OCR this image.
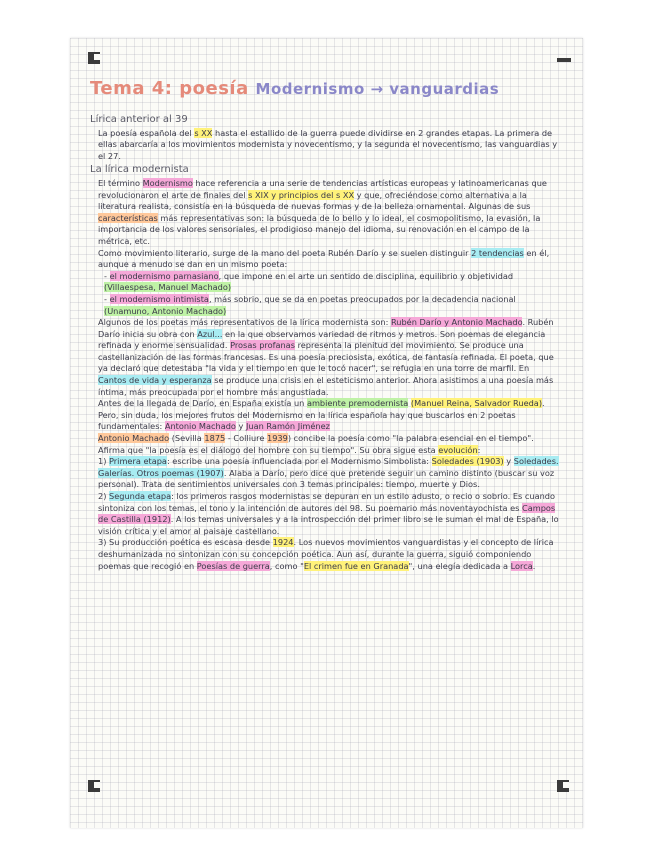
Tema 4: poesía Modernismo → vanguardias

Lírica anterior al 39

La poesía española del s XX hasta el estallido de la guerra puede dividirse en 2 grandes etapas. La primera de ellas abarcaría a los movimientos modernista y novecentismo, y la segunda el novecentismo, las vanguardias y el 27.

La lírica modernista

El término Modernismo hace referencia a una serie de tendencias artísticas europeas y latinoamericanas que revolucionaron el arte de finales del s XIX y principios del s XX y que, ofreciéndose como alternativa a la literatura realista, consistía en la búsqueda de nuevas formas y de la belleza ornamental. Algunas de sus características más representativas son: la búsqueda de lo bello y lo ideal, el cosmopolitismo, la evasión, la importancia de los valores sensoriales, el prodigioso manejo del idioma, su renovación en el campo de la métrica, etc.

Como movimiento literario, surge de la mano del poeta Rubén Darío y se suelen distinguir 2 tendencias en él, aunque a menudo se dan en un mismo poeta:

- el modernismo parnasiano, que impone en el arte un sentido de disciplina, equilibrio y objetividad (Villaespesa, Manuel Machado)

- el modernismo intimista, más sobrio, que se da en poetas preocupados por la decadencia nacional (Unamuno, Antonio Machado)

Algunos de los poetas más representativos de la lírica modernista son: Rubén Darío y Antonio Machado. Rubén Darío inicia su obra con Azul... en la que observamos variedad de ritmos y metros. Son poemas de elegancia refinada y enorme sensualidad. Prosas profanas representa la plenitud del movimiento. Se produce una castellanización de las formas francesas. Es una poesía preciosista, exótica, de fantasía refinada. El poeta, que ya declaró que detestaba "la vida y el tiempo en que le tocó nacer", se refugia en una torre de marfil. En Cantos de vida y esperanza se produce una crisis en el esteticismo anterior. Ahora asistimos a una poesía más íntima, más preocupada por el hombre más angustiada.

Antes de la llegada de Darío, en España existía un ambiente premodernista (Manuel Reina, Salvador Rueda). Pero, sin duda, los mejores frutos del Modernismo en la lírica española hay que buscarlos en 2 poetas fundamentales: Antonio Machado y Juan Ramón Jiménez

Antonio Machado (Sevilla 1875 - Colliure 1939) concibe la poesía como "la palabra esencial en el tiempo". Afirma que "la poesía es el diálogo del hombre con su tiempo". Su obra sigue esta evolución:

1) Primera etapa: escribe una poesía influenciada por el Modernismo Simbolista: Soledades (1903) y Soledades. Galerías. Otros poemas (1907). Alaba a Darío, pero dice que pretende seguir un camino distinto (buscar su voz personal). Trata de sentimientos universales con 3 temas principales: tiempo, muerte y Dios.

2) Segunda etapa: los primeros rasgos modernistas se depuran en un estilo adusto, o recio o sobrio. Es cuando sintoniza con los temas, el tono y la intención de autores del 98. Su poemario más noventayochista es Campos de Castilla (1912). A los temas universales y a la introspección del primer libro se le suman el mal de España, lo visión crítica y el amor al paisaje castellano.

3) Su producción poética es escasa desde 1924. Los nuevos movimientos vanguardistas y el concepto de lírica deshumanizada no sintonizan con su concepción poética. Aun así, durante la guerra, siguió componiendo poemas que recogió en Poesías de guerra, como "El crimen fue en Granada", una elegía dedicada a Lorca.
